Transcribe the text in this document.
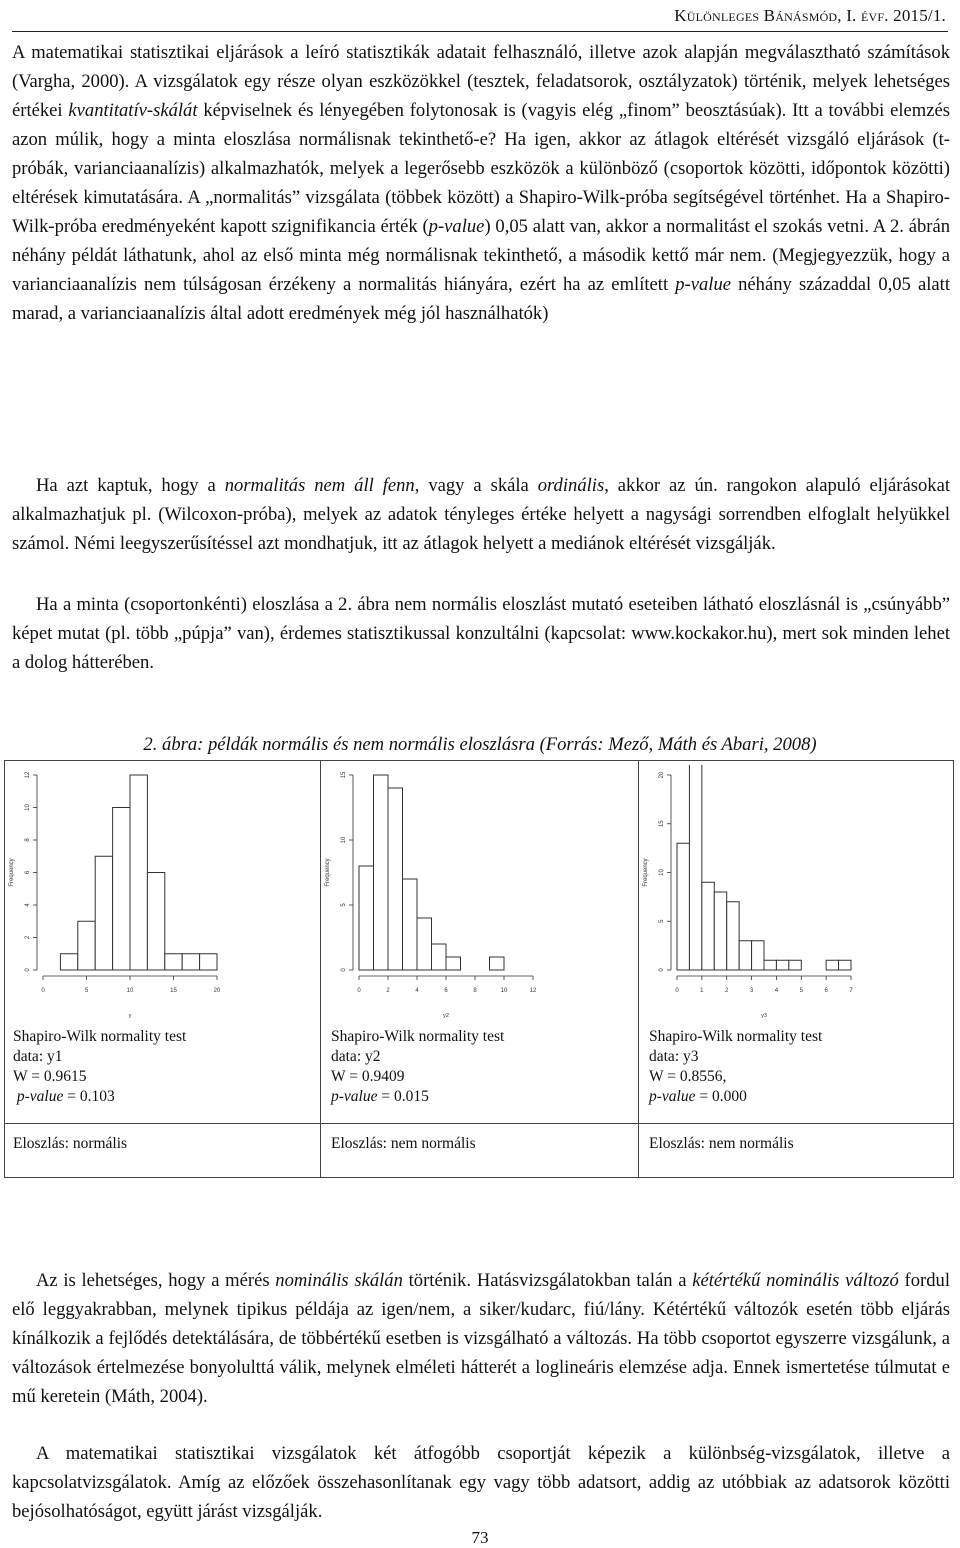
Különleges Bánásmód, I. évf. 2015/1.

A matematikai statisztikai eljárások a leíró statisztikák adatait felhasználó, illetve azok alapján megválasztható számítások (Vargha, 2000). A vizsgálatok egy része olyan eszközökkel (tesztek, feladatsorok, osztályzatok) történik, melyek lehetséges értékei kvantitatív-skálát képviselnek és lényegében folytonosak is (vagyis elég „finom” beosztásúak). Itt a további elemzés azon múlik, hogy a minta eloszlása normálisnak tekinthető-e? Ha igen, akkor az átlagok eltérését vizsgáló eljárások (t-próbák, varianciaanalízis) alkalmazhatók, melyek a legerősebb eszközök a különböző (csoportok közötti, időpontok közötti) eltérések kimutatására. A „normalitás” vizsgálata (többek között) a Shapiro-Wilk-próba segítségével történhet. Ha a Shapiro-Wilk-próba eredményeként kapott szignifikancia érték (p-value) 0,05 alatt van, akkor a normalitást el szokás vetni. A 2. ábrán néhány példát láthatunk, ahol az első minta még normálisnak tekinthető, a második kettő már nem. (Megjegyezzük, hogy a varianciaanalízis nem túlságosan érzékeny a normalitás hiányára, ezért ha az említett p-value néhány századdal 0,05 alatt marad, a varianciaanalízis által adott eredmények még jól használhatók)

Ha azt kaptuk, hogy a normalitás nem áll fenn, vagy a skála ordinális, akkor az ún. rangokon alapuló eljárásokat alkalmazhatjuk pl. (Wilcoxon-próba), melyek az adatok tényleges értéke helyett a nagysági sorrendben elfoglalt helyükkel számol. Némi leegyszerűsítéssel azt mondhatjuk, itt az átlagok helyett a mediánok eltérését vizsgálják.

Ha a minta (csoportonkénti) eloszlása a 2. ábra nem normális eloszlást mutató eseteiben látható eloszlásnál is „csúnyább” képet mutat (pl. több „púpja” van), érdemes statisztikussal konzultálni (kapcsolat: www.kockakor.hu), mert sok minden lehet a dolog hátterében.

2. ábra: példák normális és nem normális eloszlásra (Forrás: Mező, Máth és Abari, 2008)
0
2
4
6
8
10
12
0	5	10	15	20
y
Frequency
Shapiro-Wilk normality test
data: y1
W = 0.9615
p-value = 0.103
Eloszlás: normális
0
5
10
15
0	2	4	6	8	10	12
y2
Frequency
Shapiro-Wilk normality test
data: y2
W = 0.9409
p-value = 0.015
Eloszlás: nem normális
0
5
10
15
20
0	1	2	3	4	5	6	7
y3
Frequency
Shapiro-Wilk normality test
data: y3
W = 0.8556,
p-value = 0.000
Eloszlás: nem normális

Az is lehetséges, hogy a mérés nominális skálán történik. Hatásvizsgálatokban talán a kétértékű nominális változó fordul elő leggyakrabban, melynek tipikus példája az igen/nem, a siker/kudarc, fiú/lány. Kétértékű változók esetén több eljárás kínálkozik a fejlődés detektálására, de többértékű esetben is vizsgálható a változás. Ha több csoportot egyszerre vizsgálunk, a változások értelmezése bonyolulttá válik, melynek elméleti hátterét a loglineáris elemzése adja. Ennek ismertetése túlmutat e mű keretein (Máth, 2004).

A matematikai statisztikai vizsgálatok két átfogóbb csoportját képezik a különbség-vizsgálatok, illetve a kapcsolatvizsgálatok. Amíg az előzőek összehasonlítanak egy vagy több adatsort, addig az utóbbiak az adatsorok közötti bejósolhatóságot, együtt járást vizsgálják.

73
